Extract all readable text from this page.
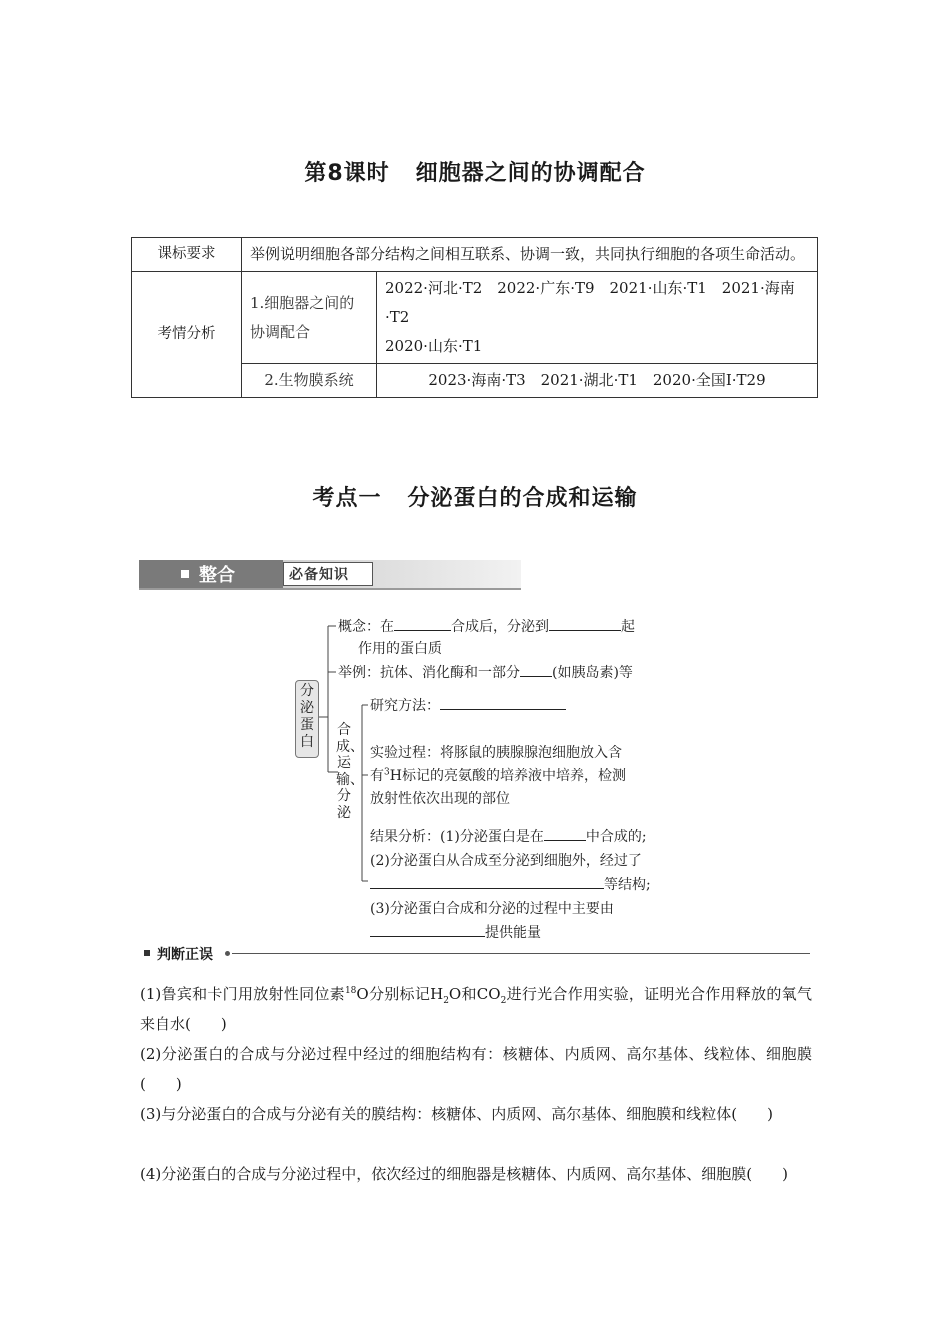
第8课时 细胞器之间的协调配合
课标要求	举例说明细胞各部分结构之间相互联系、协调一致，共同执行细胞的各项生命活动。	
考情分析	1.细胞器之间的协调配合	2022·河北·T2　2022·广东·T9　2021·山东·T1　2021·海南
·T2
2020·山东·T1

	2.生物膜系统	2023·海南·T3　2021·湖北·T1　2020·全国Ⅰ·T29
考点一 分泌蛋白的合成和运输
整合	必备知识
分泌蛋白
概念：在	合成后，分泌到	起
作用的蛋白质
举例：抗体、消化酶和一部分 (如胰岛素)等
合成、运输、分泌
研究方法：
实验过程：将豚鼠的胰腺腺泡细胞放入含
有$^3$H标记的亮氨酸的培养液中培养，检测
放射性依次出现的部位
结果分析：(1)分泌蛋白是在	中合成的;
(2)分泌蛋白从合成至分泌到细胞外，经过了
等结构;
(3)分泌蛋白合成和分泌的过程中主要由
提供能量
判断正误
(1)鲁宾和卡门用放射性同位素$^{18}$O分别标记$H_2O$和$CO_2$进行光合作用实验，证明光合作用释放的氧气来自水(　　)
(2)分泌蛋白的合成与分泌过程中经过的细胞结构有：核糖体、内质网、高尔基体、线粒体、细胞膜(　　)
(3)与分泌蛋白的合成与分泌有关的膜结构：核糖体、内质网、高尔基体、细胞膜和线粒体(　　)
(4)分泌蛋白的合成与分泌过程中，依次经过的细胞器是核糖体、内质网、高尔基体、细胞膜(　　)
